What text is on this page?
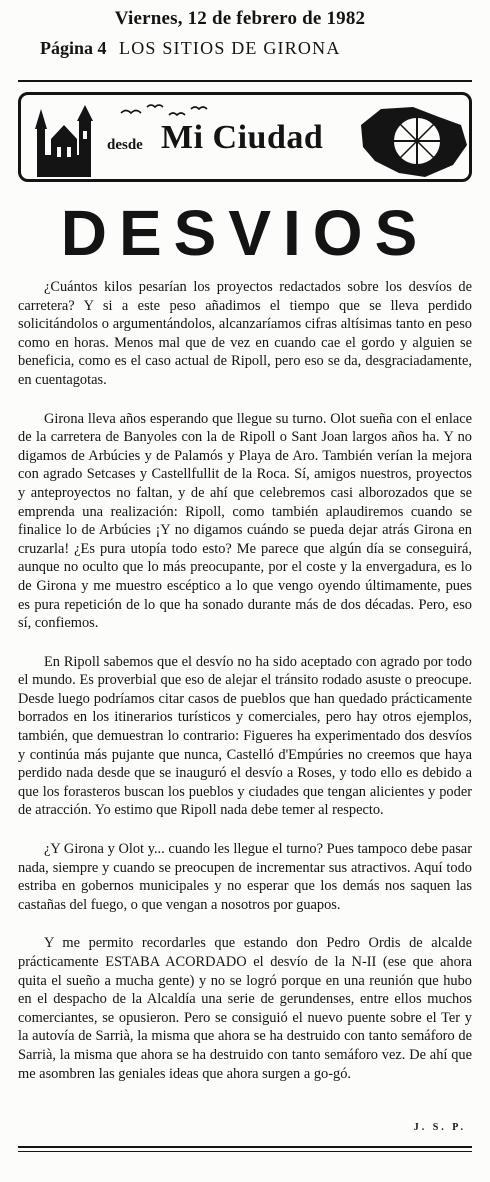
Viernes, 12 de febrero de 1982
Página 4 LOS SITIOS DE GIRONA
desde Mi Ciudad
DESVIOS

¿Cuántos kilos pesarían los proyectos redactados sobre los desvíos de carretera? Y si a este peso añadimos el tiempo que se lleva perdido solicitándolos o argumentándolos, alcanzaríamos cifras altísimas tanto en peso como en horas. Menos mal que de vez en cuando cae el gordo y alguien se beneficia, como es el caso actual de Ripoll, pero eso se da, desgraciadamente, en cuentagotas.

Girona lleva años esperando que llegue su turno. Olot sueña con el enlace de la carretera de Banyoles con la de Ripoll o Sant Joan largos años ha. Y no digamos de Arbúcies y de Palamós y Playa de Aro. También verían la mejora con agrado Setcases y Castellfullit de la Roca. Sí, amigos nuestros, proyectos y anteproyectos no faltan, y de ahí que celebremos casi alborozados que se emprenda una realización: Ripoll, como también aplaudiremos cuando se finalice lo de Arbúcies ¡Y no digamos cuándo se pueda dejar atrás Girona en cruzarla! ¿Es pura utopía todo esto? Me parece que algún día se conseguirá, aunque no oculto que lo más preocupante, por el coste y la envergadura, es lo de Girona y me muestro escéptico a lo que vengo oyendo últimamente, pues es pura repetición de lo que ha sonado durante más de dos décadas. Pero, eso sí, confiemos.

En Ripoll sabemos que el desvío no ha sido aceptado con agrado por todo el mundo. Es proverbial que eso de alejar el tránsito rodado asuste o preocupe. Desde luego podríamos citar casos de pueblos que han quedado prácticamente borrados en los itinerarios turísticos y comerciales, pero hay otros ejemplos, también, que demuestran lo contrario: Figueres ha experimentado dos desvíos y continúa más pujante que nunca, Castelló d'Empúries no creemos que haya perdido nada desde que se inauguró el desvío a Roses, y todo ello es debido a que los forasteros buscan los pueblos y ciudades que tengan alicientes y poder de atracción. Yo estimo que Ripoll nada debe temer al respecto.

¿Y Girona y Olot y... cuando les llegue el turno? Pues tampoco debe pasar nada, siempre y cuando se preocupen de incrementar sus atractivos. Aquí todo estriba en gobernos municipales y no esperar que los demás nos saquen las castañas del fuego, o que vengan a nosotros por guapos.

Y me permito recordarles que estando don Pedro Ordis de alcalde prácticamente ESTABA ACORDADO el desvío de la N-II (ese que ahora quita el sueño a mucha gente) y no se logró porque en una reunión que hubo en el despacho de la Alcaldía una serie de gerundenses, entre ellos muchos comerciantes, se opusieron. Pero se consiguió el nuevo puente sobre el Ter y la autovía de Sarrià, la misma que ahora se ha destruido con tanto semáforo de Sarrià, la misma que ahora se ha destruido con tanto semáforo vez. De ahí que me asombren las geniales ideas que ahora surgen a go-gó.

J. S. P.
